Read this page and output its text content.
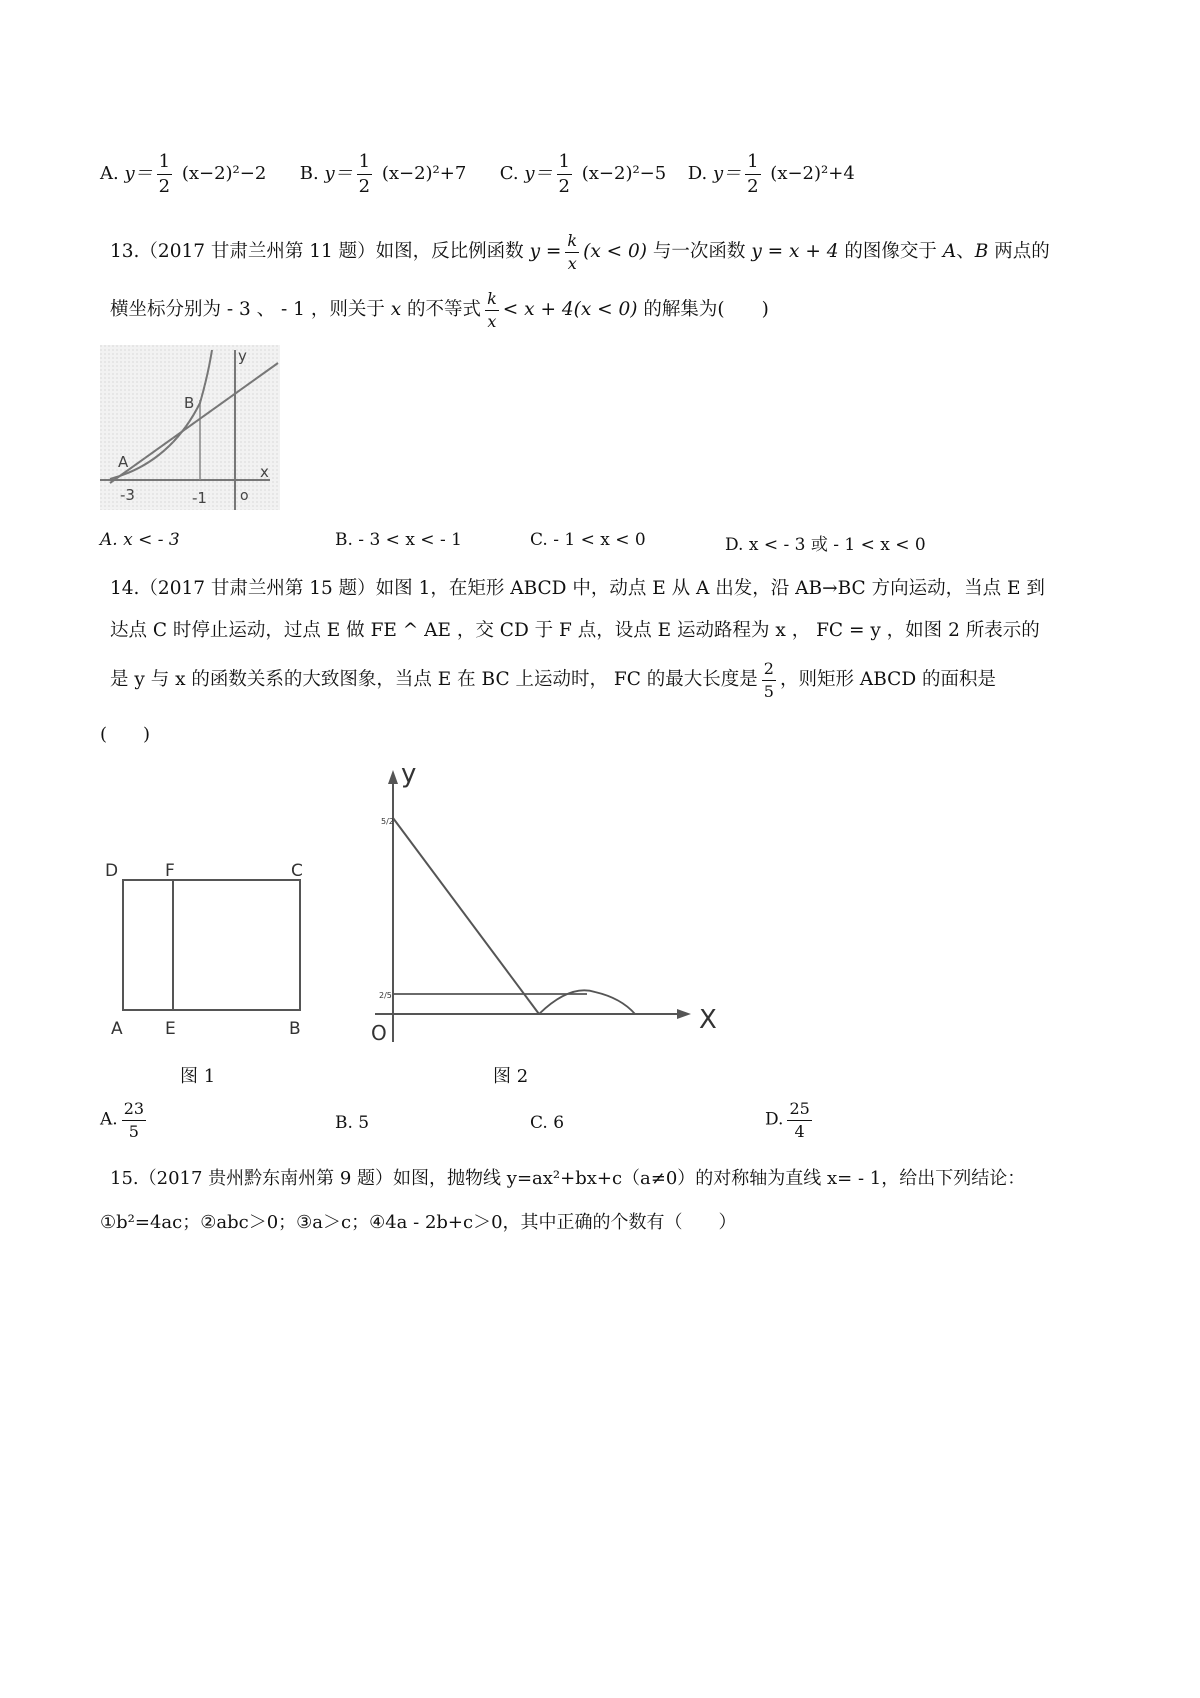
A. $y= \frac{1}{2} (x-2)^2-2$ B. $y= \frac{1}{2} (x-2)^2+7$ C. $y= \frac{1}{2} (x-2)^2-5$ D. $y= \frac{1}{2} (x-2)^2+4$
13.（2017 甘肃兰州第 11 题）如图，反比例函数 $y = \frac{k}{x} (x < 0)$ 与一次函数 y = x + 4 的图像交于 A、B 两点的
横坐标分别为 - 3 、 - 1 ，则关于 x 的不等式 $\frac{k}{x} < x + 4(x < 0)$ 的解集为(　　)
y
x
B
A
-3	-1 o
A. x < - 3	B. - 3 < x < - 1	C. - 1 < x < 0	D. x < - 3 或 - 1 < x < 0
14.（2017 甘肃兰州第 15 题）如图 1，在矩形 ABCD 中，动点 E 从 A 出发，沿 AB→BC 方向运动，当点 E 到
达点 C 时停止运动，过点 E 做 FE ^ AE ，交 CD 于 F 点，设点 E 运动路程为 x ， FC = y ，如图 2 所表示的
是 y 与 x 的函数关系的大致图象，当点 E 在 BC 上运动时， FC 的最大长度是 $\frac{2}{5}$ ，则矩形 ABCD 的面积是
(　　)
D	F	C
A E	B
图 1
y
X
O
5/2
2/5
图 2
A. $\frac{23}{5}$	B. 5	C. 6	D. $\frac{25}{4}$
15.（2017 贵州黔东南州第 9 题）如图，抛物线 y=ax²+bx+c（a≠0）的对称轴为直线 x= - 1，给出下列结论：
①b²=4ac；②abc＞0；③a＞c；④4a - 2b+c＞0，其中正确的个数有（　　）
